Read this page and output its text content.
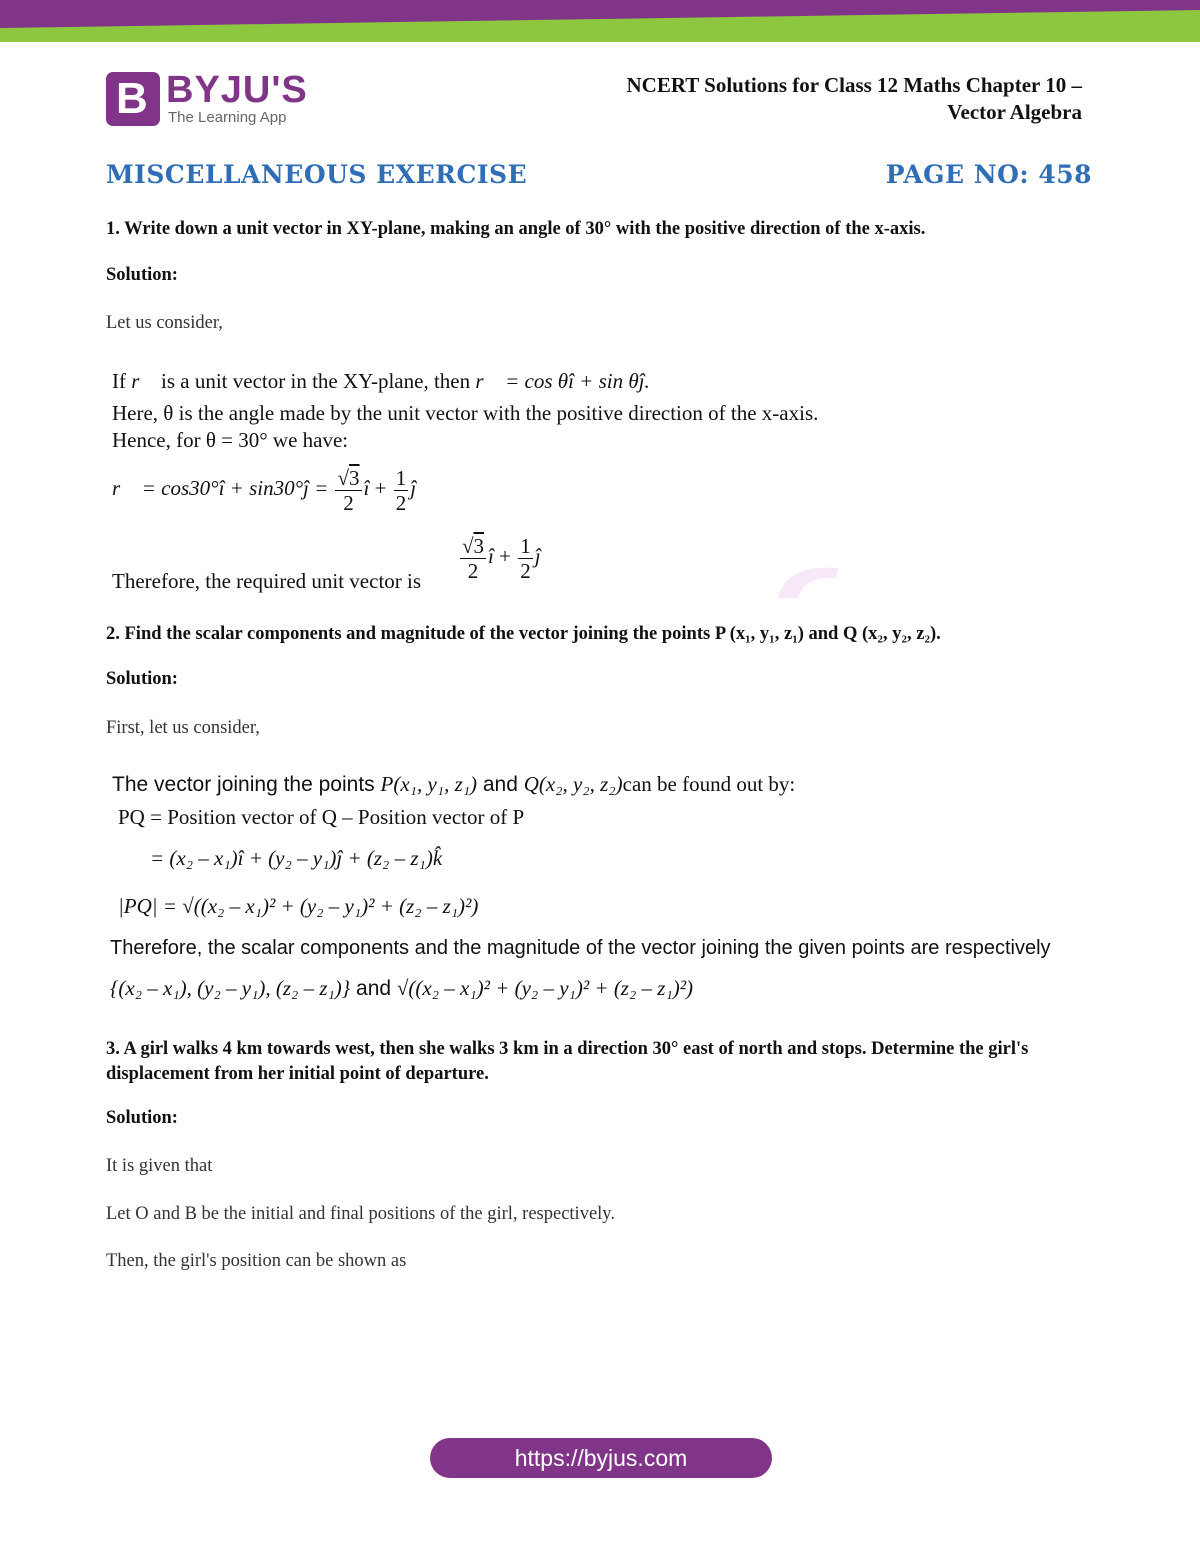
B BYJU'S
The Learning App
NCERT Solutions for Class 12 Maths Chapter 10 –
Vector Algebra
MISCELLANEOUS EXERCISE	PAGE NO: 458
1. Write down a unit vector in XY-plane, making an angle of 30° with the positive direction of the x-axis.
Solution:
Let us consider,
If r⃗ is a unit vector in the XY-plane, then r⃗ = cos θî + sin θĵ.
Here, θ is the angle made by the unit vector with the positive direction of the x-axis.
Hence, for θ = 30° we have:
r⃗ = cos30°î + sin30°ĵ = $\frac{√3}{2}$ î + $\frac{1}{2}$ ĵ
Therefore, the required unit vector is $\frac{√3}{2}$ î + $\frac{1}{2}$ ĵ
2. Find the scalar components and magnitude of the vector joining the points P (x₁, y₁, z₁) and Q (x₂, y₂, z₂).
Solution:
First, let us consider,
The vector joining the points P(x₁, y₁, z₁) and Q(x₂, y₂, z₂)can be found out by:
PQ = Position vector of Q – Position vector of P
= (x₂ – x₁)î + (y₂ – y₁)ĵ + (z₂ – z₁)k̂
|PQ| = √((x₂ – x₁)² + (y₂ – y₁)² + (z₂ – z₁)²)
Therefore, the scalar components and the magnitude of the vector joining the given points are respectively
{(x₂ – x₁), (y₂ – y₁), (z₂ – z₁)} and √((x₂ – x₁)² + (y₂ – y₁)² + (z₂ – z₁)²)
3. A girl walks 4 km towards west, then she walks 3 km in a direction 30° east of north and stops. Determine the girl's displacement from her initial point of departure.
Solution:
It is given that
Let O and B be the initial and final positions of the girl, respectively.
Then, the girl's position can be shown as
https://byjus.com
